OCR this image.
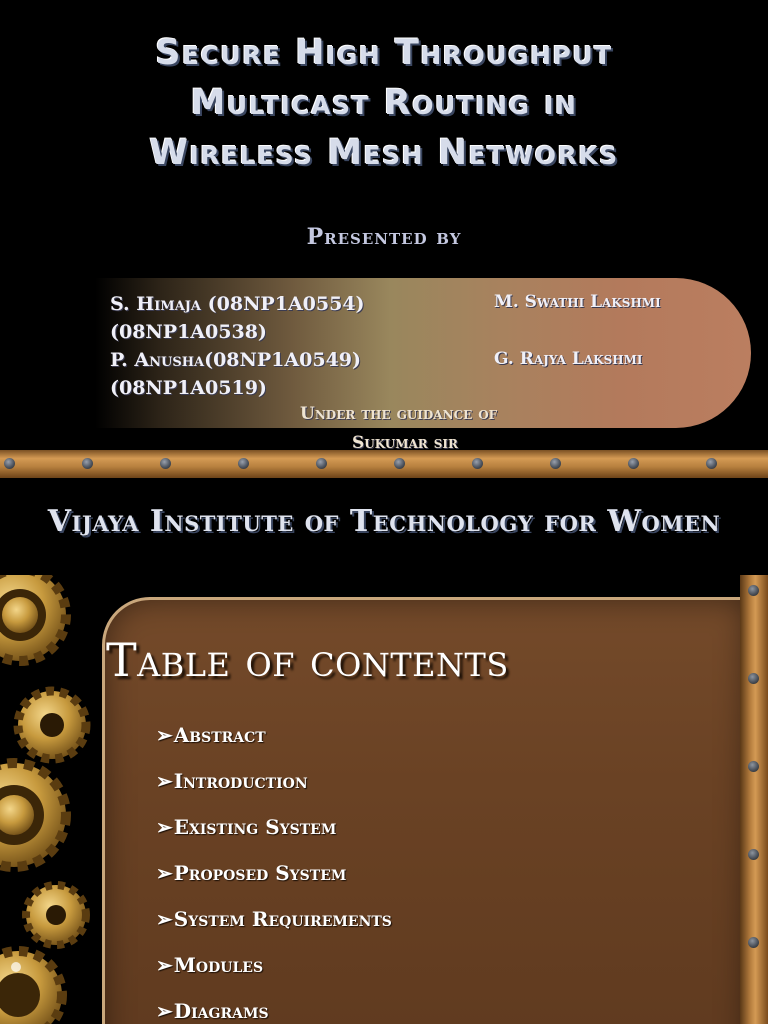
Secure High Throughput
Multicast Routing in
Wireless Mesh Networks
Presented by
S. Himaja (08NP1A0554)
(08NP1A0538)
P. Anusha(08NP1A0549)
(08NP1A0519)
M. Swathi Lakshmi
G. Rajya Lakshmi
Under the guidance of
Sukumar sir
Vijaya Institute of Technology for Women
Table of contents
➢Abstract
➢Introduction
➢Existing System
➢Proposed System
➢System Requirements
➢Modules
➢Diagrams
